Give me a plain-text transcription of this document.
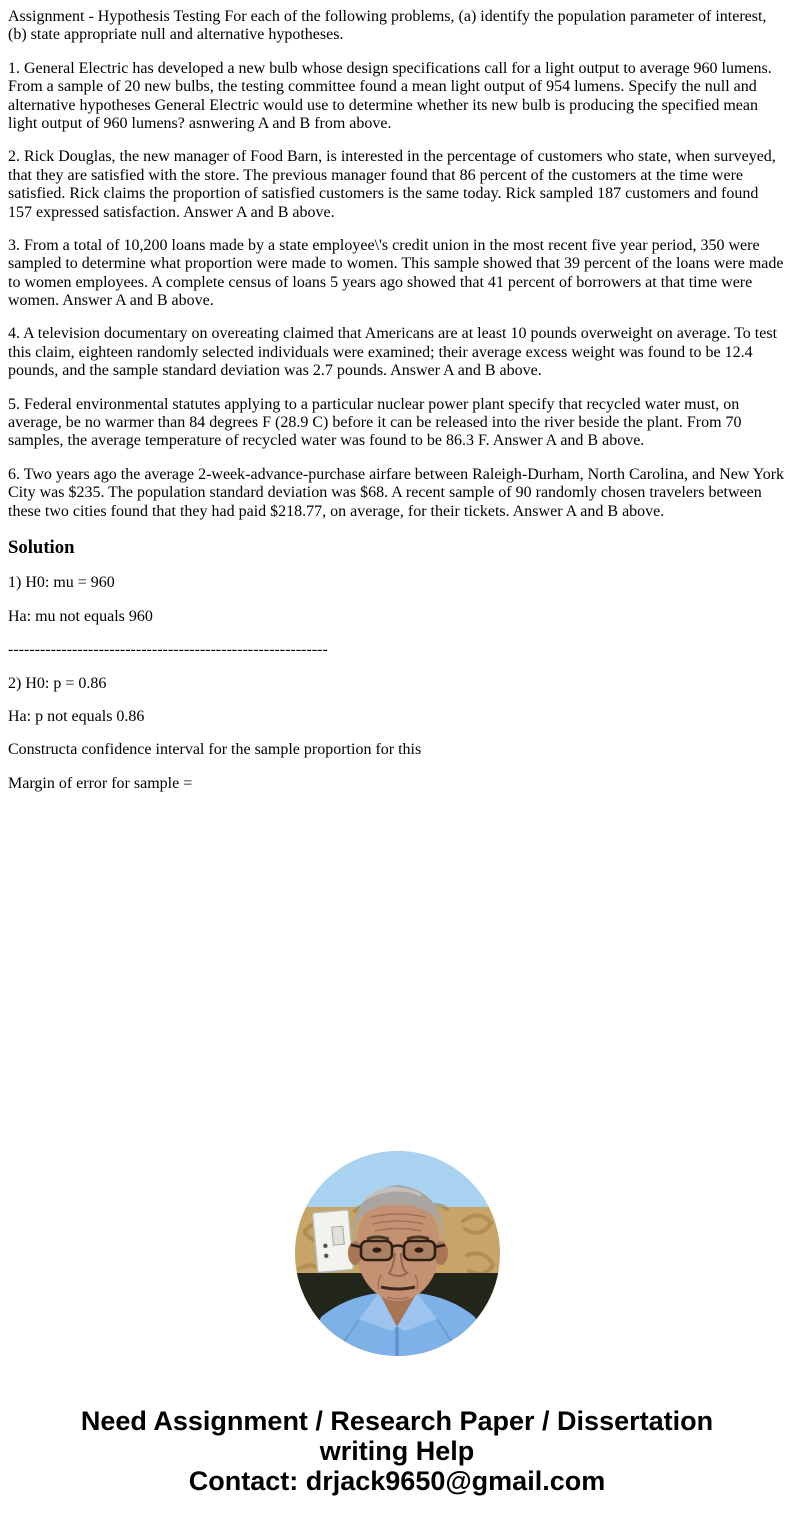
Assignment - Hypothesis Testing For each of the following problems, (a) identify the population parameter of interest, (b) state appropriate null and alternative hypotheses.

1. General Electric has developed a new bulb whose design specifications call for a light output to average 960 lumens. From a sample of 20 new bulbs, the testing committee found a mean light output of 954 lumens. Specify the null and alternative hypotheses General Electric would use to determine whether its new bulb is producing the specified mean light output of 960 lumens? asnwering A and B from above.

2. Rick Douglas, the new manager of Food Barn, is interested in the percentage of customers who state, when surveyed, that they are satisfied with the store. The previous manager found that 86 percent of the customers at the time were satisfied. Rick claims the proportion of satisfied customers is the same today. Rick sampled 187 customers and found 157 expressed satisfaction. Answer A and B above.

3. From a total of 10,200 loans made by a state employee\'s credit union in the most recent five year period, 350 were sampled to determine what proportion were made to women. This sample showed that 39 percent of the loans were made to women employees. A complete census of loans 5 years ago showed that 41 percent of borrowers at that time were women. Answer A and B above.

4. A television documentary on overeating claimed that Americans are at least 10 pounds overweight on average. To test this claim, eighteen randomly selected individuals were examined; their average excess weight was found to be 12.4 pounds, and the sample standard deviation was 2.7 pounds. Answer A and B above.

5. Federal environmental statutes applying to a particular nuclear power plant specify that recycled water must, on average, be no warmer than 84 degrees F (28.9 C) before it can be released into the river beside the plant. From 70 samples, the average temperature of recycled water was found to be 86.3 F. Answer A and B above.

6. Two years ago the average 2-week-advance-purchase airfare between Raleigh-Durham, North Carolina, and New York City was $235. The population standard deviation was $68. A recent sample of 90 randomly chosen travelers between these two cities found that they had paid $218.77, on average, for their tickets. Answer A and B above.

Solution

1) H0: mu = 960

Ha: mu not equals 960

------------------------------------------------------------

2) H0: p = 0.86

Ha: p not equals 0.86

Constructa confidence interval for the sample proportion for this

Margin of error for sample =

Need Assignment / Research Paper / Dissertation
writing Help
Contact: drjack9650@gmail.com
